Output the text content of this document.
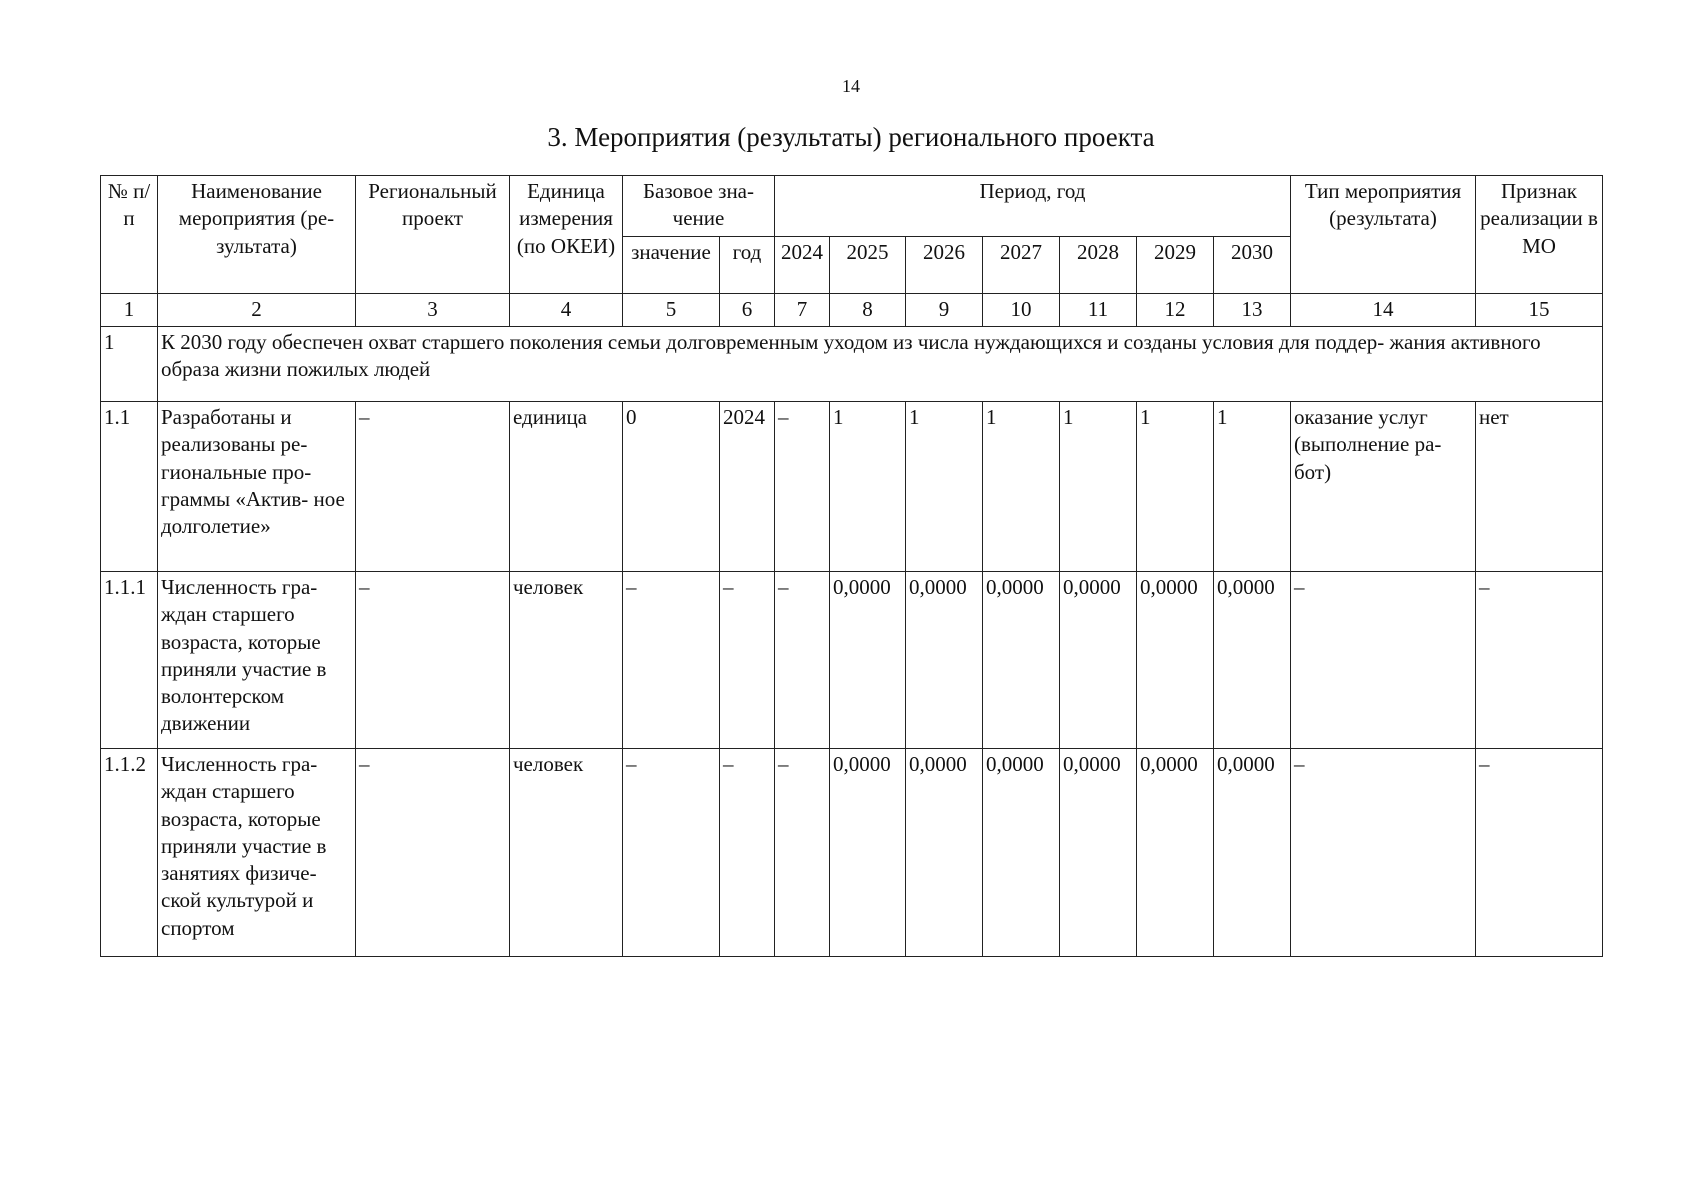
14
3. Мероприятия (результаты) регионального проекта
№ п/п	Наименование мероприятия (ре- зультата)	Региональный проект	Единица измерения (по ОКЕИ)	Базовое зна- чение		Период, год							Тип мероприятия (результата)	Признак реализации в МО
				значение	год	2024	2025	2026	2027	2028	2029	2030		
1	2	3	4	5	6	7	8	9	10	11	12	13	14	15
1	К 2030 году обеспечен охват старшего поколения семьи долговременным уходом из числа нуждающихся и созданы условия для поддер- жания активного образа жизни пожилых людей													
1.1	Разработаны и реализованы ре- гиональные про- граммы «Актив- ное долголетие»	–	единица	0	2024	–	1	1	1	1	1	1	оказание услуг (выполнение ра- бот)	нет
1.1.1	Численность гра- ждан старшего возраста, которые приняли участие в волонтерском движении	–	человек	–	–	–	0,0000	0,0000	0,0000	0,0000	0,0000	0,0000	–	–
1.1.2	Численность гра- ждан старшего возраста, которые приняли участие в занятиях физиче- ской культурой и спортом	–	человек	–	–	–	0,0000	0,0000	0,0000	0,0000	0,0000	0,0000	–	–
